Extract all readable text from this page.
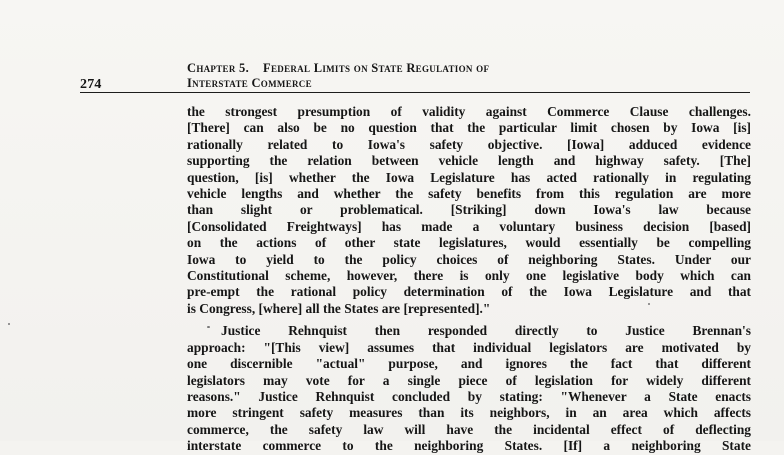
274
Chapter 5. Federal Limits on State Regulation of
Interstate Commerce
the strongest presumption of validity against Commerce Clause challenges.
[There] can also be no question that the particular limit chosen by Iowa [is]
rationally related to Iowa's safety objective. [Iowa] adduced evidence
supporting the relation between vehicle length and highway safety. [The]
question, [is] whether the Iowa Legislature has acted rationally in regulating
vehicle lengths and whether the safety benefits from this regulation are more
than slight or problematical. [Striking] down Iowa's law because
[Consolidated Freightways] has made a voluntary business decision [based]
on the actions of other state legislatures, would essentially be compelling
Iowa to yield to the policy choices of neighboring States. Under our
Constitutional scheme, however, there is only one legislative body which can
pre-empt the rational policy determination of the Iowa Legislature and that
is Congress, [where] all the States are [represented]."
Justice Rehnquist then responded directly to Justice Brennan's
approach: "[This view] assumes that individual legislators are motivated by
one discernible "actual" purpose, and ignores the fact that different
legislators may vote for a single piece of legislation for widely different
reasons." Justice Rehnquist concluded by stating: "Whenever a State enacts
more stringent safety measures than its neighbors, in an area which affects
commerce, the safety law will have the incidental effect of deflecting
interstate commerce to the neighboring States. [If] a neighboring State
